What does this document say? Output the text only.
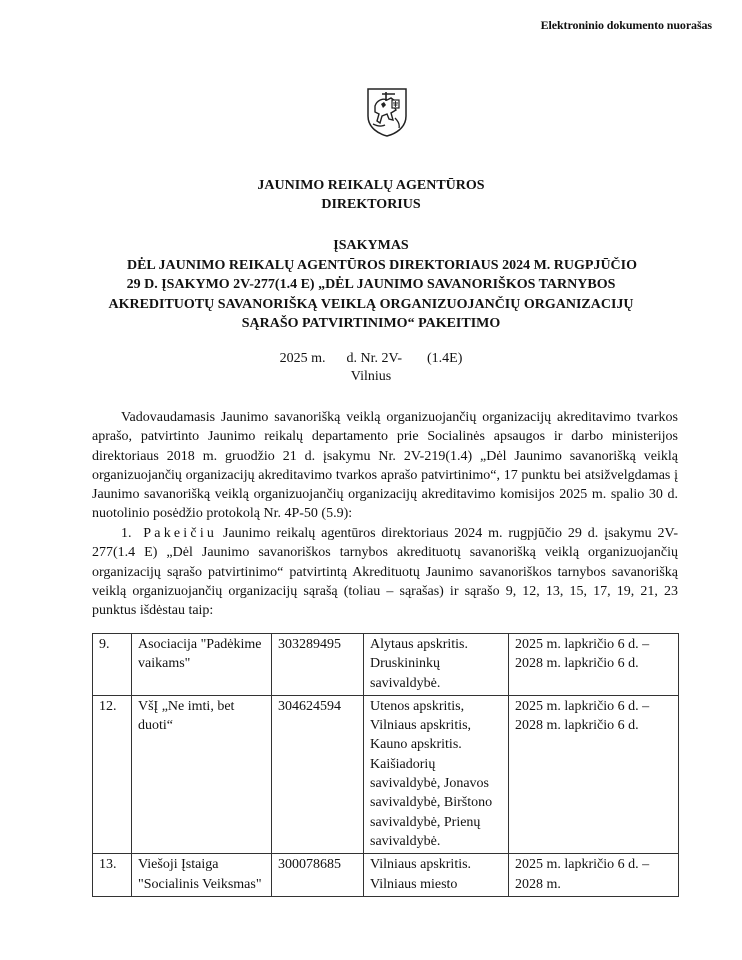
Elektroninio dokumento nuorašas
JAUNIMO REIKALŲ AGENTŪROS
DIREKTORIUS
ĮSAKYMAS
DĖL JAUNIMO REIKALŲ AGENTŪROS DIREKTORIAUS 2024 M. RUGPJŪČIO
29 D. ĮSAKYMO 2V-277(1.4 E) „DĖL JAUNIMO SAVANORIŠKOS TARNYBOS
AKREDITUOTŲ SAVANORIŠKĄ VEIKLĄ ORGANIZUOJANČIŲ ORGANIZACIJŲ
SĄRAŠO PATVIRTINIMO“ PAKEITIMO
2025 m. d. Nr. 2V- (1.4E)
Vilnius
Vadovaudamasis Jaunimo savanorišką veiklą organizuojančių organizacijų akreditavimo tvarkos aprašo, patvirtinto Jaunimo reikalų departamento prie Socialinės apsaugos ir darbo ministerijos direktoriaus 2018 m. gruodžio 21 d. įsakymu Nr. 2V-219(1.4) „Dėl Jaunimo savanorišką veiklą organizuojančių organizacijų akreditavimo tvarkos aprašo patvirtinimo“, 17 punktu bei atsižvelgdamas į Jaunimo savanorišką veiklą organizuojančių organizacijų akreditavimo komisijos 2025 m. spalio 30 d. nuotolinio posėdžio protokolą Nr. 4P-50 (5.9):
1. Pakeičiu Jaunimo reikalų agentūros direktoriaus 2024 m. rugpjūčio 29 d. įsakymu 2V-277(1.4 E) „Dėl Jaunimo savanoriškos tarnybos akredituotų savanorišką veiklą organizuojančių organizacijų sąrašo patvirtinimo“ patvirtintą Akredituotų Jaunimo savanoriškos tarnybos savanorišką veiklą organizuojančių organizacijų sąrašą (toliau – sąrašas) ir sąrašo 9, 12, 13, 15, 17, 19, 21, 23 punktus išdėstau taip:
9.	Asociacija "Padėkime vaikams"	303289495	Alytaus apskritis. Druskininkų savivaldybė.	2025 m. lapkričio 6 d. – 2028 m. lapkričio 6 d.
12.	VšĮ „Ne imti, bet duoti“	304624594	Utenos apskritis, Vilniaus apskritis, Kauno apskritis. Kaišiadorių savivaldybė, Jonavos savivaldybė, Birštono savivaldybė, Prienų savivaldybė.	2025 m. lapkričio 6 d. – 2028 m. lapkričio 6 d.
13.	Viešoji Įstaiga "Socialinis Veiksmas"	300078685	Vilniaus apskritis. Vilniaus miesto	2025 m. lapkričio 6 d. – 2028 m.
